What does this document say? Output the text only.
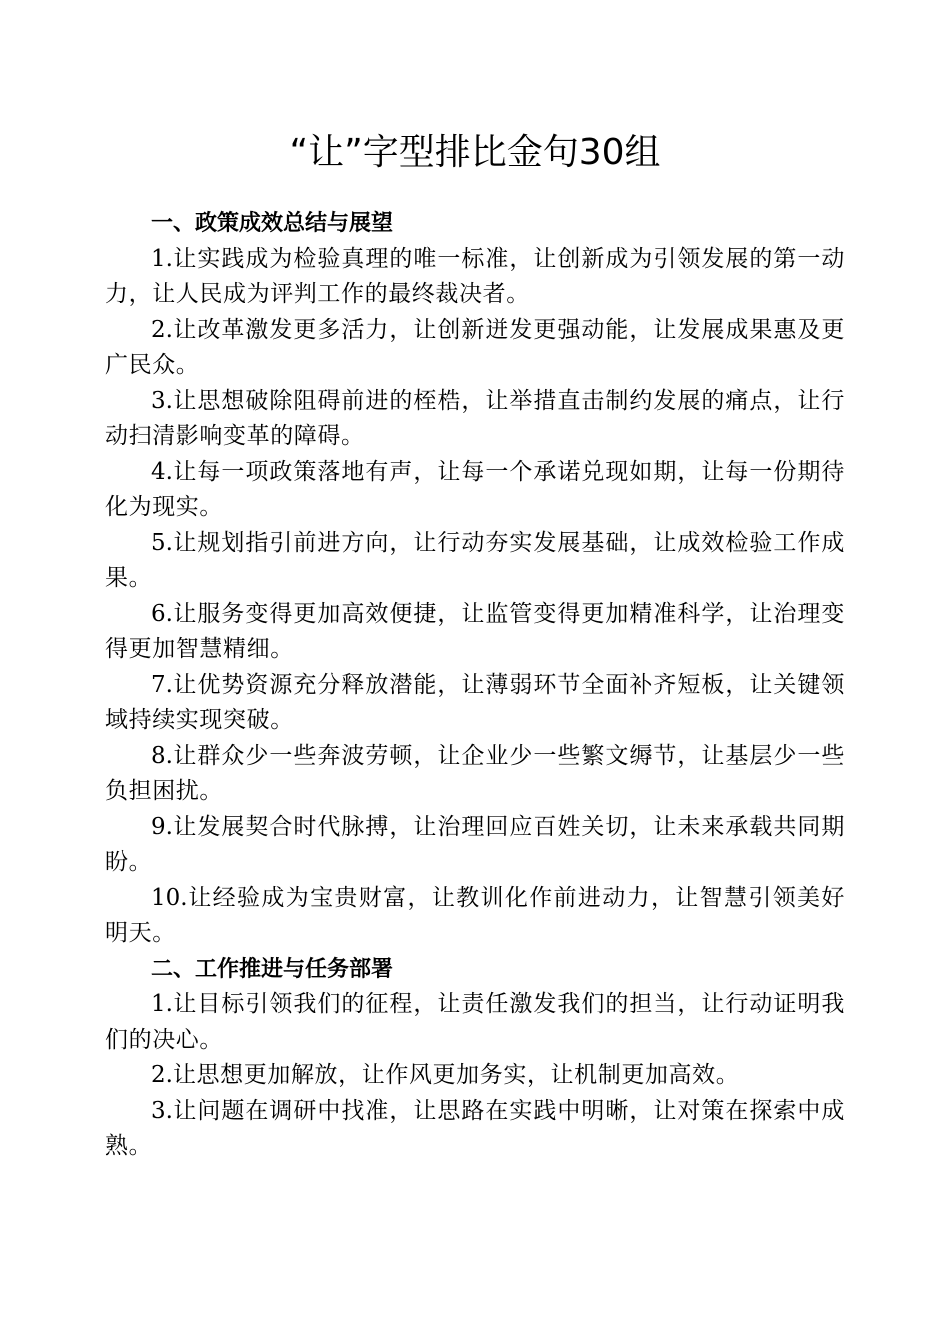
“让”字型排比金句30组

一、政策成效总结与展望

1.让实践成为检验真理的唯一标准，让创新成为引领发展的第一动力，让人民成为评判工作的最终裁决者。

2.让改革激发更多活力，让创新迸发更强动能，让发展成果惠及更广民众。

3.让思想破除阻碍前进的桎梏，让举措直击制约发展的痛点，让行动扫清影响变革的障碍。

4.让每一项政策落地有声，让每一个承诺兑现如期，让每一份期待化为现实。

5.让规划指引前进方向，让行动夯实发展基础，让成效检验工作成果。

6.让服务变得更加高效便捷，让监管变得更加精准科学，让治理变得更加智慧精细。

7.让优势资源充分释放潜能，让薄弱环节全面补齐短板，让关键领域持续实现突破。

8.让群众少一些奔波劳顿，让企业少一些繁文缛节，让基层少一些负担困扰。

9.让发展契合时代脉搏，让治理回应百姓关切，让未来承载共同期盼。

10.让经验成为宝贵财富，让教训化作前进动力，让智慧引领美好明天。

二、工作推进与任务部署

1.让目标引领我们的征程，让责任激发我们的担当，让行动证明我们的决心。

2.让思想更加解放，让作风更加务实，让机制更加高效。

3.让问题在调研中找准，让思路在实践中明晰，让对策在探索中成熟。
